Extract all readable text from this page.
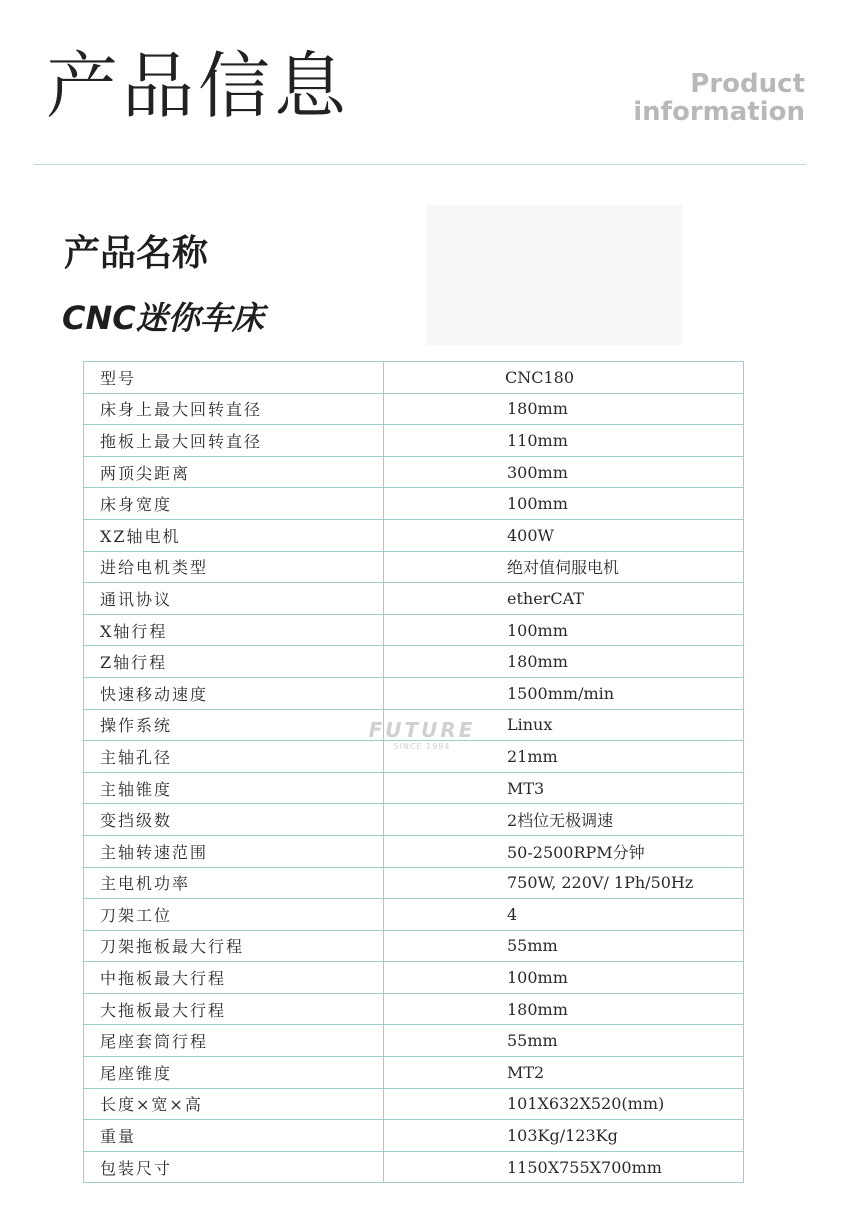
产品信息	Product
information
产品名称
CNC迷你车床
型号	CNC180
床身上最大回转直径	180mm
拖板上最大回转直径	110mm
两顶尖距离	300mm
床身宽度	100mm
XZ轴电机	400W
进给电机类型	绝对值伺服电机
通讯协议	etherCAT
X轴行程	100mm
Z轴行程	180mm
快速移动速度	1500mm/min
操作系统	Linux
主轴孔径	21mm
主轴锥度	MT3
变挡级数	2档位无极调速
主轴转速范围	50-2500RPM分钟
主电机功率	750W, 220V/ 1Ph/50Hz
刀架工位	4
刀架拖板最大行程	55mm
中拖板最大行程	100mm
大拖板最大行程	180mm
尾座套筒行程	55mm
尾座锥度	MT2
长度×宽×高	101X632X520(mm)
重量	103Kg/123Kg
包装尺寸	1150X755X700mm
FUTURE
SINCE 1994
